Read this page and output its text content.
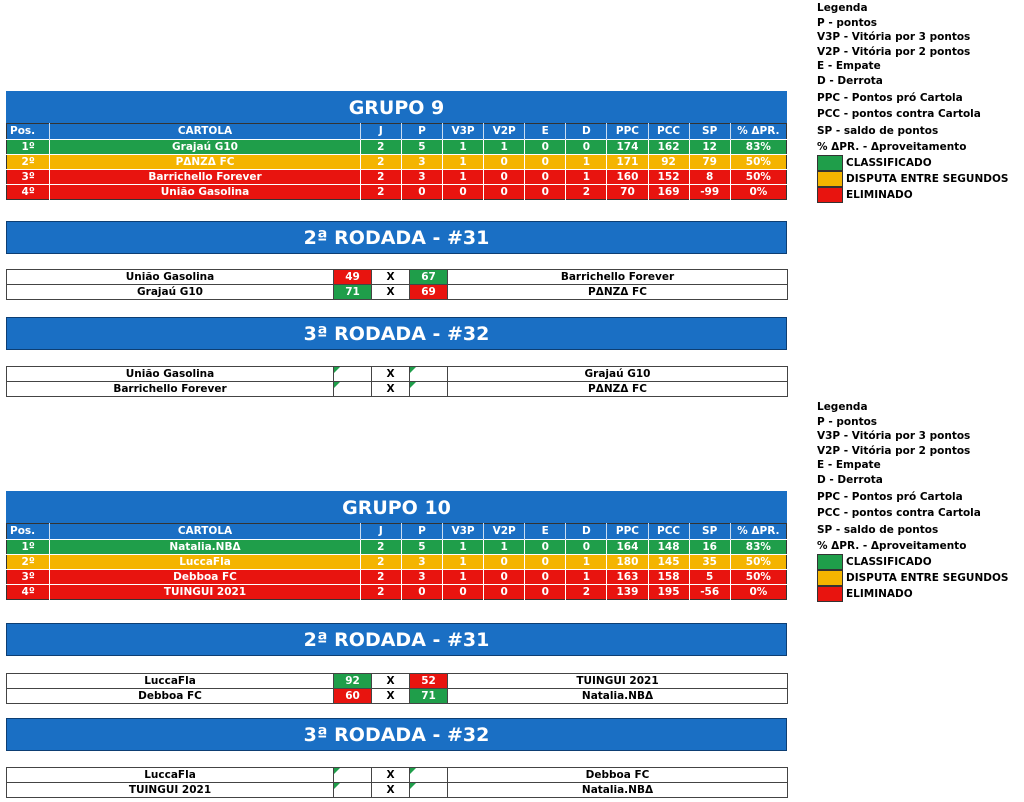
GRUPO 9
Pos.	CARTOLA	J	P	V3P	V2P	E	D	PPC	PCC	SP	% ΔPR.
1º	Grajaú G10	2	5	1	1	0	0	174	162	12	83%
2º	PΔNZΔ FC	2	3	1	0	0	1	171	92	79	50%
3º	Barrichello Forever	2	3	1	0	0	1	160	152	8	50%
4º	União Gasolina	2	0	0	0	0	2	70	169	-99	0%
2ª RODADA - #31
União Gasolina	49	X	67	Barrichello Forever
Grajaú G10	71	X	69	PΔNZΔ FC
3ª RODADA - #32
União Gasolina		X		Grajaú G10
Barrichello Forever		X		PΔNZΔ FC
GRUPO 10
Pos.	CARTOLA	J	P	V3P	V2P	E	D	PPC	PCC	SP	% ΔPR.
1º	Natalia.NBΔ	2	5	1	1	0	0	164	148	16	83%
2º	LuccaFla	2	3	1	0	0	1	180	145	35	50%
3º	Debboa FC	2	3	1	0	0	1	163	158	5	50%
4º	TUINGUI 2021	2	0	0	0	0	2	139	195	-56	0%
2ª RODADA - #31
LuccaFla	92	X	52	TUINGUI 2021
Debboa FC	60	X	71	Natalia.NBΔ
3ª RODADA - #32
LuccaFla		X		Debboa FC
TUINGUI 2021		X		Natalia.NBΔ
Legenda
P - pontos
V3P - Vitória por 3 pontos
V2P - Vitória por 2 pontos
E - Empate
D - Derrota
PPC - Pontos pró Cartola
PCC - pontos contra Cartola
SP - saldo de pontos
% ΔPR. - Δproveitamento
CLASSIFICADO
DISPUTA ENTRE SEGUNDOS
ELIMINADO
Legenda
P - pontos
V3P - Vitória por 3 pontos
V2P - Vitória por 2 pontos
E - Empate
D - Derrota
PPC - Pontos pró Cartola
PCC - pontos contra Cartola
SP - saldo de pontos
% ΔPR. - Δproveitamento
CLASSIFICADO
DISPUTA ENTRE SEGUNDOS
ELIMINADO
